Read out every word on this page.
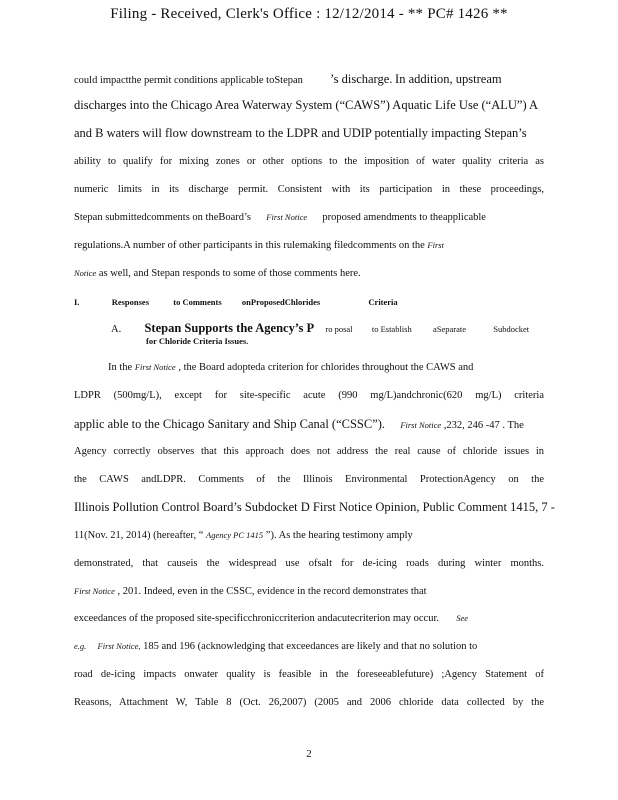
Filing - Received, Clerk's Office : 12/12/2014 - ** PC# 1426 **
could impactthe permit conditions applicable toStepan ’s discharge. In addition, upstream
discharges into the Chicago Area Waterway System (“CAWS”) Aquatic Life Use (“ALU”) A
and B waters will flow downstream to the LDPR and UDIP potentially impacting Stepan’s
ability to qualify for mixing zones or other options to the imposition of water quality criteria as
numeric limits in its discharge permit. Consistent with its participation in these proceedings,
Stepan submittedcomments on theBoard’s First Notice proposed amendments to theapplicable
regulations.A number of other participants in this rulemaking filedcomments on the First
Notice as well, and Stepan responds to some of those comments here.
I.	Responses	to Comments onProposedChlorides	Criteria
A. Stepan Supports the Agency’s P ro posal to Establish	aSeparate	Subdocket
for Chloride Criteria Issues.
In the First Notice , the Board adopteda criterion for chlorides throughout the CAWS and
LDPR (500mg/L), except for site-specific acute (990 mg/L)andchronic(620 mg/L) criteria
applic able to the Chicago Sanitary and Ship Canal (“CSSC”). First Notice ,232, 246 -47 . The
Agency correctly observes that this approach does not address the real cause of chloride issues in
the CAWS andLDPR. Comments of the Illinois Environmental ProtectionAgency on the
Illinois Pollution Control Board’s Subdocket D First Notice Opinion, Public Comment 1415, 7 -
11(Nov. 21, 2014) (hereafter, “ Agency PC 1415 ”). As the hearing testimony amply
demonstrated, that causeis the widespread use ofsalt for de-icing roads during winter months.
First Notice , 201. Indeed, even in the CSSC, evidence in the record demonstrates that
exceedances of the proposed site-specificchroniccriterion andacutecriterion may occur. See
e.g. First Notice, 185 and 196 (acknowledging that exceedances are likely and that no solution to
road de-icing impacts onwater quality is feasible in the foreseeablefuture) ;Agency Statement of
Reasons, Attachment W, Table 8 (Oct. 26,2007) (2005 and 2006 chloride data collected by the
2
